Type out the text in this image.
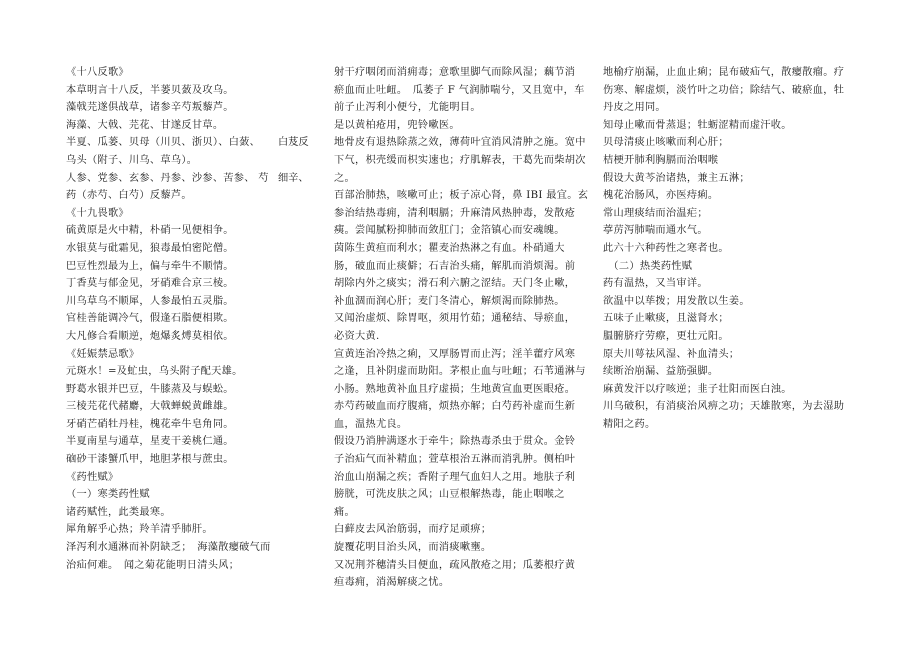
《十八反歌》
本草明言十八反，半蒌贝蔹及攻乌。
藻戟芫遂俱战草，诸参辛芍叛藜芦。
海藻、大戟、芫花、甘遂反甘草。
半夏、瓜蒌、贝母（川贝、浙贝）、白蔹、
乌头（附子、川乌、草乌）。
人参、党参、玄参、丹参、沙参、苦参、 芍
药（赤芍、白芍）反藜芦。
《十九畏歌》
硫黄原是火中精，朴硝一见便相争。
水银莫与砒霜见，狼毒最怕密陀僧。
巴豆性烈最为上，偏与牵牛不顺情。
丁香莫与郁金见，牙硝难合京三棱。
川乌草乌不顺犀，人参最怕五灵脂。
官桂善能调冷气，假逢石脂便相欺。
大凡修合看顺逆，炮爆炙煿莫相依。
《妊娠禁忌歌》
元斑水！=及虻虫，乌头附子配天雄。
野葛水银并巴豆，牛膝蒸及与蜈蚣。
三棱芫花代赭麝，大戟蝉蜕黄雌雄。
牙硝芒硝牡丹桂，槐花牵牛皂角同。
半夏南星与通草，星麦干姜桃仁通。
硇砂干漆蟹爪甲，地胆茅根与蔗虫。
《药性赋》
（一）寒类药性赋
诸药赋性，此类最寒。
犀角解乎心热；羚羊清乎肺肝。
泽泻利水通淋而补阴缺乏；　海藻散瘿破气而
治疝何难。　闻之菊花能明日清头风；
白芨反
细辛、
射干疗咽闭而消痈毒；意歌里脚气而除风湿；藕节消
瘀血而止吐衄。　瓜萎子 F 气润肺喘兮，又且宽中，车
前子止泻利小便兮，尤能明目。
是以黄柏疮用，兜铃嗽医。
地骨皮有退热除蒸之效，薄荷叶宜消风清肿之施。宽中
下气，枳壳缓而枳实速也；疗肌解表，干葛先而柴胡次
之。
百部治肺热，咳嗽可止；板子凉心肾，鼻 IBI 最宜。玄
参治结热毒痈，清利咽膈；升麻清风热肿毒，发散疮
痍。尝闻腻粉抑肺而敛肛门；金箔镇心而安魂魄。
茵陈生黄疸而利水；瞿麦治热淋之有血。朴硝通大
肠，破血而止痰僻；石吉治头痛，解肌而消烦渴。前
胡除内外之痰实；滑石利六腑之涩结。天门冬止嗽，
补血涸而润心肝；麦门冬清心，解烦渴而除肺热。
又闻治虚烦、除胃呕，须用竹茹；通秘结、导瘀血，
必资大黄.
宣黄连治冷热之痢，又厚肠胃而止泻；淫羊藿疗风寒
之逢，且补阴虚而助阳。茅根止血与吐衄；石苇通淋与
小肠。熟地黄补血且疗虚损；生地黄宣血更医眼疮。
赤芍药破血而疗腹痛，烦热亦解；白芍药补虚而生新
血，温热尤良。
假设乃消肿满逐水于牵牛；除热毒杀虫于贯众。金铃
子治疝气而补精血；萱草根治五淋而消乳肿。侧柏叶
治血山崩漏之疾；香附子理气血妇人之用。地肤子利
膀胱，可洗皮肤之风；山豆根解热毒，能止咽喉之
痛。
白藓皮去风治筋弱，而疗足顽痹；
旋覆花明目治头风，而消痰嗽壅。
又况荆芥穗清头目便血，疏风散疮之用；瓜萎根疗黄
疸毒痈，消渴解痰之忧。
地榆疗崩漏，止血止痢；昆布破疝气，散瘿散瘤。疗
伤寒、解虚烦，淡竹叶之功倍；除结气、破瘀血，牡
丹皮之用同。
知母止嗽而骨蒸退；牡蛎涩精而虚汗收。
贝母清痰止咳嗽而利心肝；
桔梗开肺利胸膈而治咽喉
假设大黄芩治诸热，兼主五淋；
槐花治肠风，亦医痔痢。
常山理痰结而治温疟；
葶苈泻肺喘而通水气。
此六十六种药性之寒者也。
　（二）热类药性赋
药有温热，又当审详。
欲温中以荜拨；用发散以生姜。
五味子止嗽痰，且滋肾水；
腽腑脐疗劳瘵，更壮元阳。
原夫川萼祛风湿、补血清头；
续断治崩漏、益筋强脚。
麻黄发汗以疗咳逆；韭子壮阳而医白浊。
川乌破积，有消痰治风痹之功；天雄散寒，为去湿助
精阳之药。
